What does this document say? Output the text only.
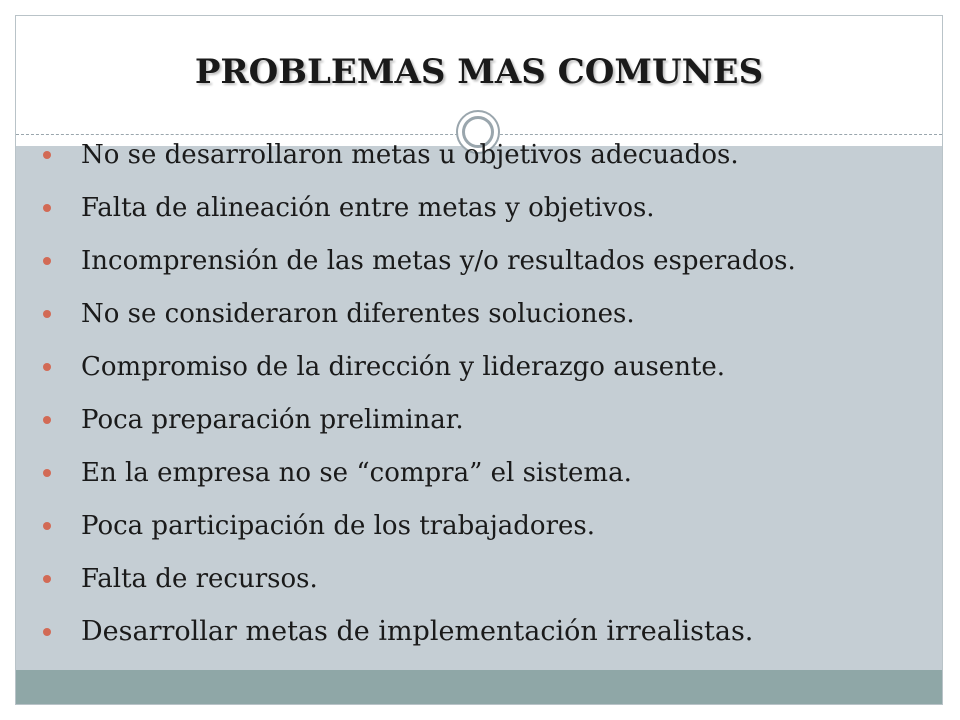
PROBLEMAS MAS COMUNES
No se desarrollaron metas u objetivos adecuados.
Falta de alineación entre metas y objetivos.
Incomprensión de las metas y/o resultados esperados.
No se consideraron diferentes soluciones.
Compromiso de la dirección y liderazgo ausente.
Poca preparación preliminar.
En la empresa no se “compra” el sistema.
Poca participación de los trabajadores.
Falta de recursos.
Desarrollar metas de implementación irrealistas.
